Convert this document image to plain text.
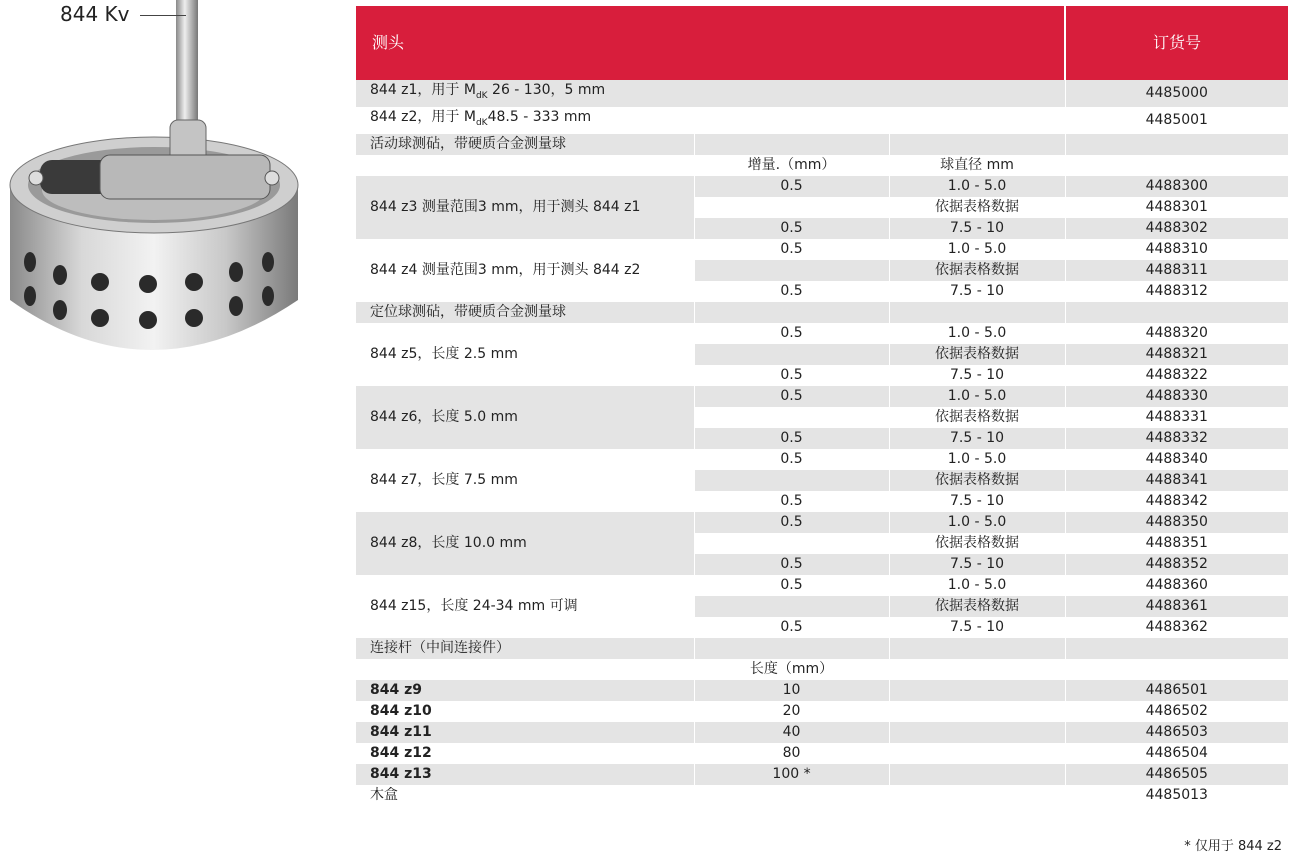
844 Kv
测头			订货号
844 z1，用于 $M_{dK}$ 26 - 130，5 mm			4485000
844 z2，用于 $M_{dK}48.5 - 333$ mm			4485001
活动球测砧，带硬质合金测量球			
	增量.（mm）	球直径 mm	
844 z3 测量范围3 mm，用于测头 844 z1	0.5	1.0 - 5.0	4488300
		依据表格数据	4488301
	0.5	7.5 - 10	4488302
844 z4 测量范围3 mm，用于测头 844 z2	0.5	1.0 - 5.0	4488310
		依据表格数据	4488311
	0.5	7.5 - 10	4488312
定位球测砧，带硬质合金测量球			
844 z5，长度 2.5 mm	0.5	1.0 - 5.0	4488320
		依据表格数据	4488321
	0.5	7.5 - 10	4488322
844 z6，长度 5.0 mm	0.5	1.0 - 5.0	4488330
		依据表格数据	4488331
	0.5	7.5 - 10	4488332
844 z7，长度 7.5 mm	0.5	1.0 - 5.0	4488340
		依据表格数据	4488341
	0.5	7.5 - 10	4488342
844 z8，长度 10.0 mm	0.5	1.0 - 5.0	4488350
		依据表格数据	4488351
	0.5	7.5 - 10	4488352
844 z15，长度 24-34 mm 可调	0.5	1.0 - 5.0	4488360
		依据表格数据	4488361
	0.5	7.5 - 10	4488362
连接杆（中间连接件）			
	长度（mm）		
844 z9	10		4486501
844 z10	20		4486502
844 z11	40		4486503
844 z12	80		4486504
844 z13	100 *		4486505
木盒			4485013
* 仅用于 844 z2
